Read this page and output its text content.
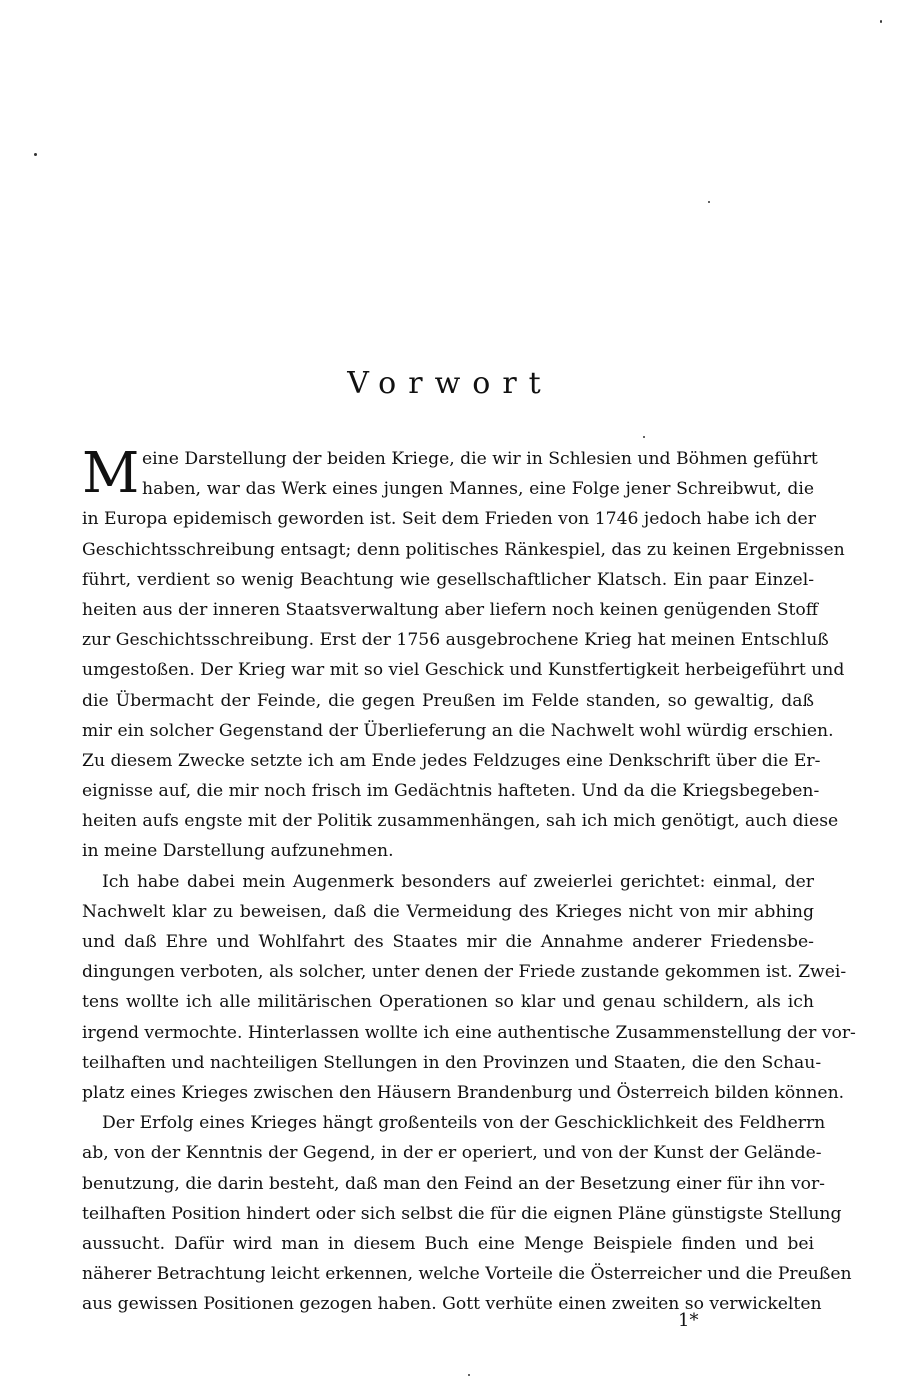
Vorwort
M eine Darstellung der beiden Kriege, die wir in Schlesien und Böhmen geführt
haben, war das Werk eines jungen Mannes, eine Folge jener Schreibwut, die
in Europa epidemisch geworden ist. Seit dem Frieden von 1746 jedoch habe ich der
Geschichtsschreibung entsagt; denn politisches Ränkespiel, das zu keinen Ergebnissen
führt, verdient so wenig Beachtung wie gesellschaftlicher Klatsch. Ein paar Einzel-
heiten aus der inneren Staatsverwaltung aber liefern noch keinen genügenden Stoff
zur Geschichtsschreibung. Erst der 1756 ausgebrochene Krieg hat meinen Entschluß
umgestoßen. Der Krieg war mit so viel Geschick und Kunstfertigkeit herbeigeführt und
die Übermacht der Feinde, die gegen Preußen im Felde standen, so gewaltig, daß
mir ein solcher Gegenstand der Überlieferung an die Nachwelt wohl würdig erschien.
Zu diesem Zwecke setzte ich am Ende jedes Feldzuges eine Denkschrift über die Er-
eignisse auf, die mir noch frisch im Gedächtnis hafteten. Und da die Kriegsbegeben-
heiten aufs engste mit der Politik zusammenhängen, sah ich mich genötigt, auch diese
in meine Darstellung aufzunehmen.
Ich habe dabei mein Augenmerk besonders auf zweierlei gerichtet: einmal, der
Nachwelt klar zu beweisen, daß die Vermeidung des Krieges nicht von mir abhing
und daß Ehre und Wohlfahrt des Staates mir die Annahme anderer Friedensbe-
dingungen verboten, als solcher, unter denen der Friede zustande gekommen ist. Zwei-
tens wollte ich alle militärischen Operationen so klar und genau schildern, als ich
irgend vermochte. Hinterlassen wollte ich eine authentische Zusammenstellung der vor-
teilhaften und nachteiligen Stellungen in den Provinzen und Staaten, die den Schau-
platz eines Krieges zwischen den Häusern Brandenburg und Österreich bilden können.
Der Erfolg eines Krieges hängt großenteils von der Geschicklichkeit des Feldherrn
ab, von der Kenntnis der Gegend, in der er operiert, und von der Kunst der Gelände-
benutzung, die darin besteht, daß man den Feind an der Besetzung einer für ihn vor-
teilhaften Position hindert oder sich selbst die für die eignen Pläne günstigste Stellung
aussucht. Dafür wird man in diesem Buch eine Menge Beispiele finden und bei
näherer Betrachtung leicht erkennen, welche Vorteile die Österreicher und die Preußen
aus gewissen Positionen gezogen haben. Gott verhüte einen zweiten so verwickelten
1*
